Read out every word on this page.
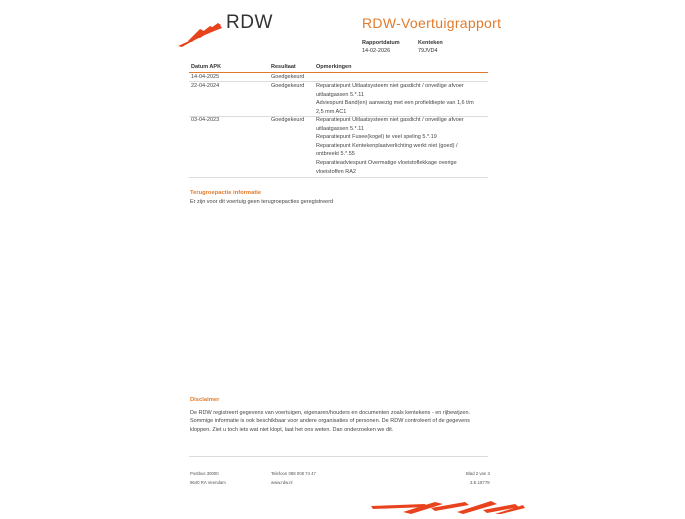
RDW	RDW-Voertuigrapport
Rapportdatum
14-02-2026
Kenteken
79JVD4
Datum APK	Resultaat	Opmerkingen
14-04-2025	Goedgekeurd
22-04-2024	Goedgekeurd Reparatiepunt Uitlaatsysteem niet gasdicht / onveilige afvoer
uitlaatgassen 5.*.11
Adviespunt Band(en) aanwezig met een profieldiepte van 1,6 t/m
2,5 mm AC1
03-04-2023	Goedgekeurd Reparatiepunt Uitlaatsysteem niet gasdicht / onveilige afvoer
uitlaatgassen 5.*.11
Reparatiepunt Fusee(kogel) te veel speling 5.*.19
Reparatiepunt Kentekenplaatverlichting werkt niet (goed) /
ontbreekt 5.*.55
Reparatieadviespunt Overmatige vloeistoflekkage overige
vloeistoffen RA2
Terugroepactie informatie
Er zijn voor dit voertuig geen terugroepacties geregistreerd
Disclaimer
De RDW registreert gegevens van voertuigen, eigenaren/houders en documenten zoals kentekens - en rijbewijzen.
Sommige informatie is ook beschikbaar voor andere organisaties of personen. De RDW controleert of de gegevens
kloppen. Ziet u toch iets wat niet klopt, laat het ons weten. Dan onderzoeken we dit.
Postbus 30000
9640 RA Veendam
Telefoon 088 008 74 47
www.rdw.nl
Blad 2 van 3
3.E.18778
